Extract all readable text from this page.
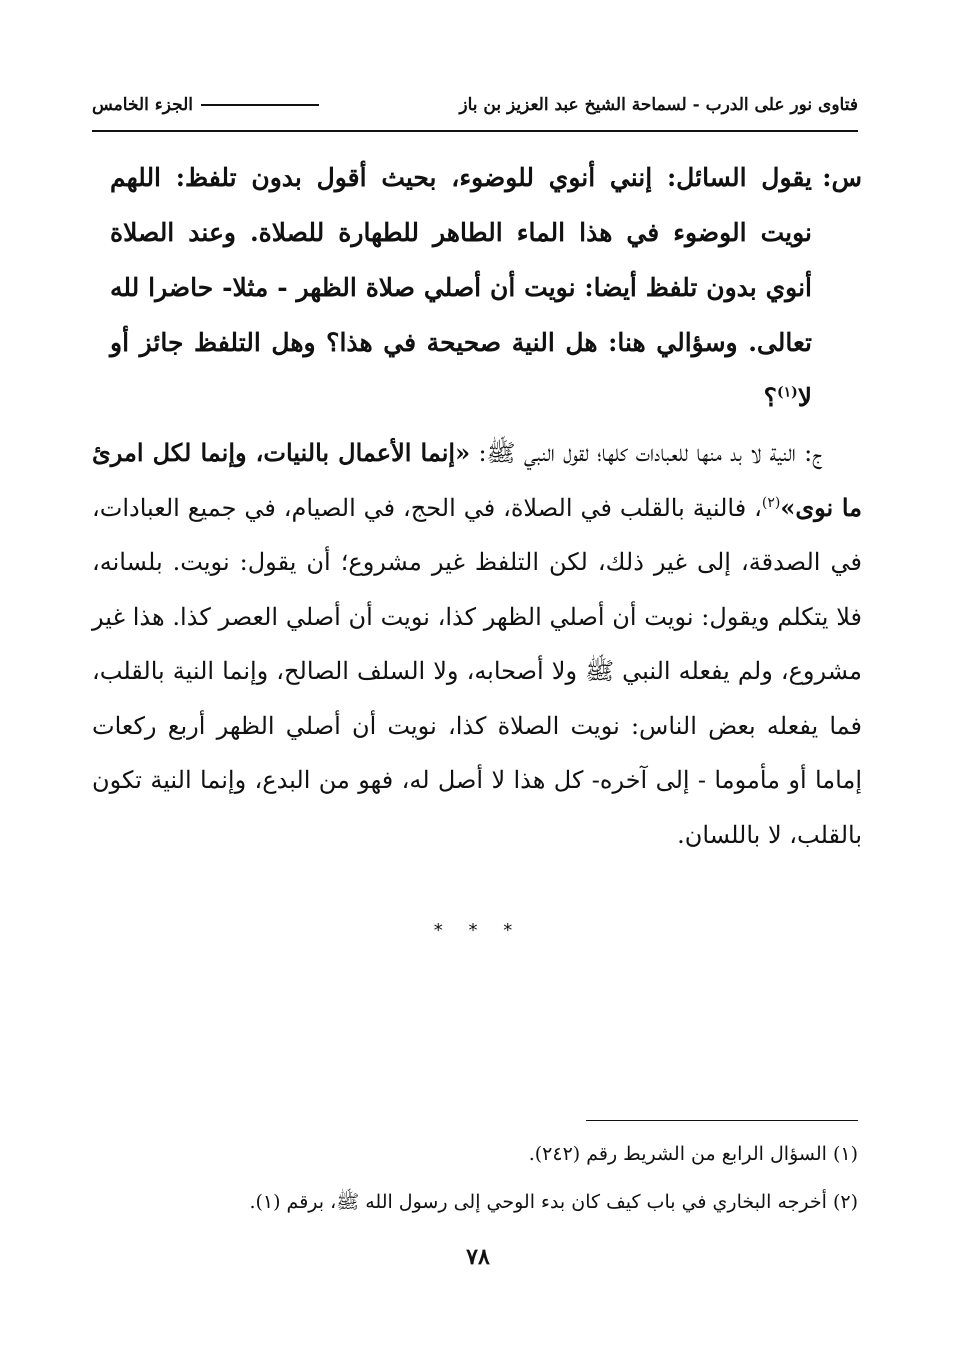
فتاوى نور على الدرب - لسماحة الشيخ عبد العزيز بن باز
الجزء الخامس
س:
يقول السائل: إنني أنوي للوضوء، بحيث أقول بدون تلفظ: اللهم نويت الوضوء في هذا الماء الطاهر للطهارة للصلاة. وعند الصلاة أنوي بدون تلفظ أيضا: نويت أن أصلي صلاة الظهر - مثلا- حاضرا لله تعالى. وسؤالي هنا: هل النية صحيحة في هذا؟ وهل التلفظ جائز أو لا$^{(١)}$؟
ج: النية لا بد منها للعبادات كلها؛ لقول النبي ﷺ: «إنما الأعمال بالنيات، وإنما لكل امرئ ما نوى»$^{(٢)}$، فالنية بالقلب في الصلاة، في الحج، في الصيام، في جميع العبادات، في الصدقة، إلى غير ذلك، لكن التلفظ غير مشروع؛ أن يقول: نويت. بلسانه، فلا يتكلم ويقول: نويت أن أصلي الظهر كذا، نويت أن أصلي العصر كذا. هذا غير مشروع، ولم يفعله النبي ﷺ ولا أصحابه، ولا السلف الصالح، وإنما النية بالقلب، فما يفعله بعض الناس: نويت الصلاة كذا، نويت أن أصلي الظهر أربع ركعات إماما أو مأموما - إلى آخره- كل هذا لا أصل له، فهو من البدع، وإنما النية تكون بالقلب، لا باللسان.
* * *
(١) السؤال الرابع من الشريط رقم (٢٤٢).
(٢) أخرجه البخاري في باب كيف كان بدء الوحي إلى رسول الله ﷺ، برقم (١).
٧٨
